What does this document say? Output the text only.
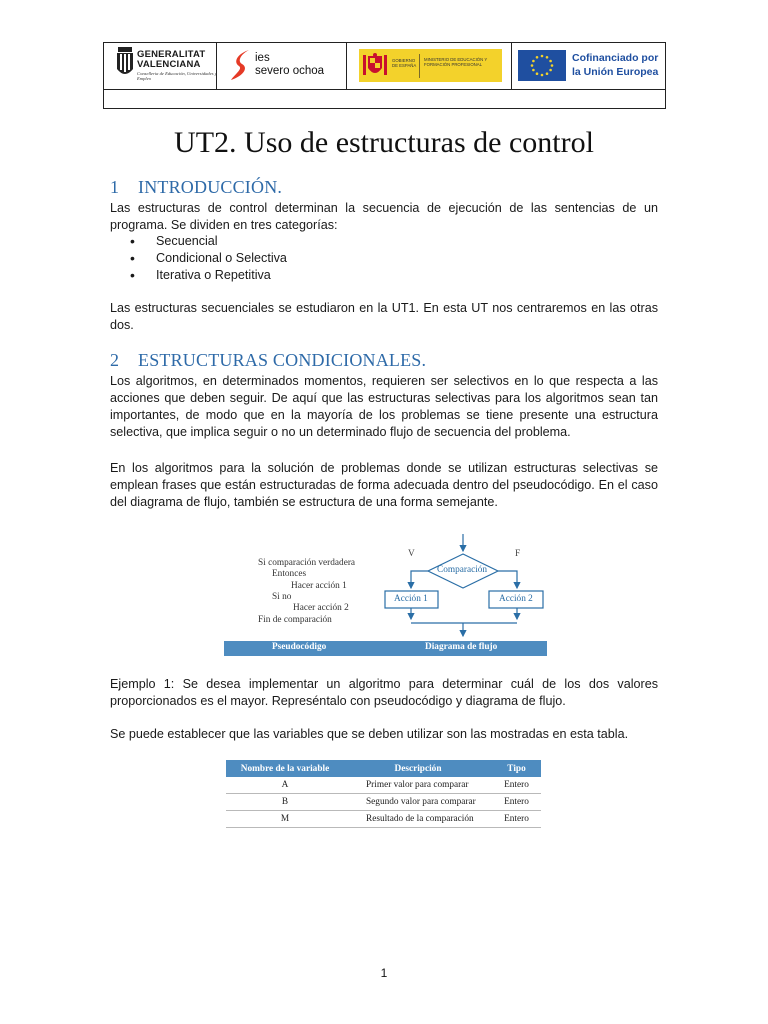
GENERALITAT
VALENCIANA
Conselleria de Educación, Universidades y Empleo
ies
severo ochoa
GOBIERNO DE ESPAÑA
MINISTERIO DE EDUCACIÓN Y FORMACIÓN PROFESIONAL
Cofinanciado por
la Unión Europea
UT2. Uso de estructuras de control
1 INTRODUCCIÓN.
Las estructuras de control determinan la secuencia de ejecución de las sentencias de un programa. Se dividen en tres categorías:
• Secuencial
• Condicional o Selectiva
• Iterativa o Repetitiva
Las estructuras secuenciales se estudiaron en la UT1. En esta UT nos centraremos en las otras dos.
2 ESTRUCTURAS CONDICIONALES.
Los algoritmos, en determinados momentos, requieren ser selectivos en lo que respecta a las acciones que deben seguir. De aquí que las estructuras selectivas para los algoritmos sean tan importantes, de modo que en la mayoría de los problemas se tiene presente una estructura selectiva, que implica seguir o no un determinado flujo de secuencia del problema.
En los algoritmos para la solución de problemas donde se utilizan estructuras selectivas se emplean frases que están estructuradas de forma adecuada dentro del pseudocódigo. En el caso del diagrama de flujo, también se estructura de una forma semejante.
Si comparación verdadera
Entonces
Hacer acción 1
Si no
Hacer acción 2
Fin de comparación
V	F
Comparación
Acción 1	Acción 2
Pseudocódigo	Diagrama de flujo
Ejemplo 1: Se desea implementar un algoritmo para determinar cuál de los dos valores proporcionados es el mayor. Represéntalo con pseudocódigo y diagrama de flujo.
Se puede establecer que las variables que se deben utilizar son las mostradas en esta tabla.
Nombre de la variable	Descripción	Tipo
A	Primer valor para comparar	Entero
B	Segundo valor para comparar	Entero
M	Resultado de la comparación	Entero
1
